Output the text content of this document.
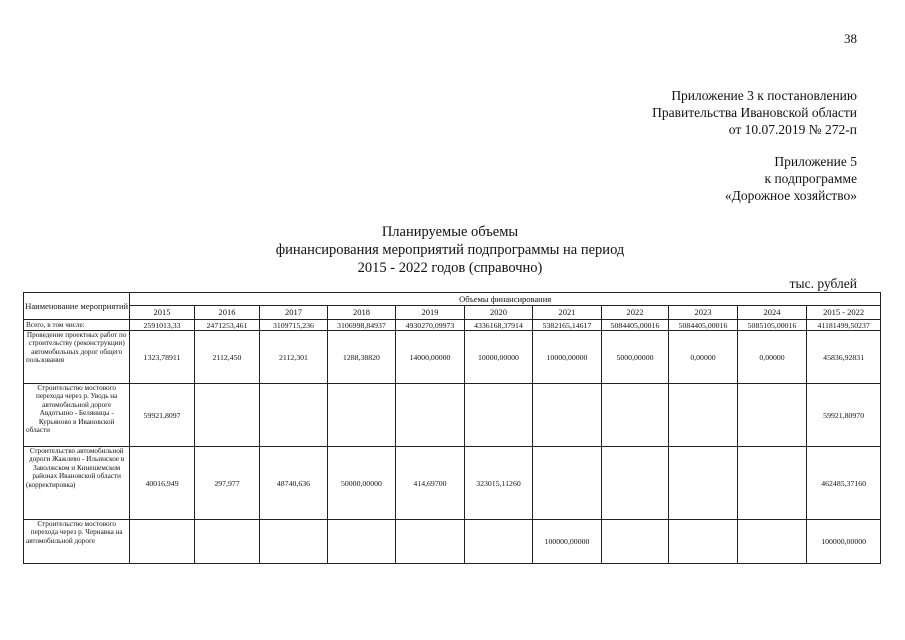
38
Приложение 3 к постановлению
Правительства Ивановской области
от 10.07.2019 № 272-п
Приложение 5
к подпрограмме
«Дорожное хозяйство»
Планируемые объемы
финансирования мероприятий подпрограммы на период
2015 - 2022 годов (справочно)
тыс. рублей
Наименование мероприятий	Объемы финансирования										
	2015	2016	2017	2018	2019	2020	2021	2022	2023	2024	2015 - 2022
Всего, в том числе:	2591013,33	2471253,461	3109715,236	3106998,84937	4930270,09973	4336168,37914	5382165,14617	5084405,00016	5084405,00016	5085105,00016	41181499,50237
Проведение проектных работ по строительству (реконструкции) автомобильных дорог общего пользования	1323,78911	2112,450	2112,301	1288,38820	14000,00000	10000,00000	10000,00000	5000,00000	0,00000	0,00000	45836,92831
Строительство мостового перехода через р. Уводь на автомобильной дороге Авдотьино - Беляницы - Курьяново в Ивановской области	59921,8097										59921,80970
Строительство автомобильной дороги Жажлево - Ильинское в Заволжском и Кинешемском районах Ивановской области (корректировка)	40016,949	297,977	48740,636	50000,00000	414,69700	323015,11260					462485,37160

Строительство мостового перехода через р. Чернавка на автомобильной дороге							100000,00000				100000,00000
